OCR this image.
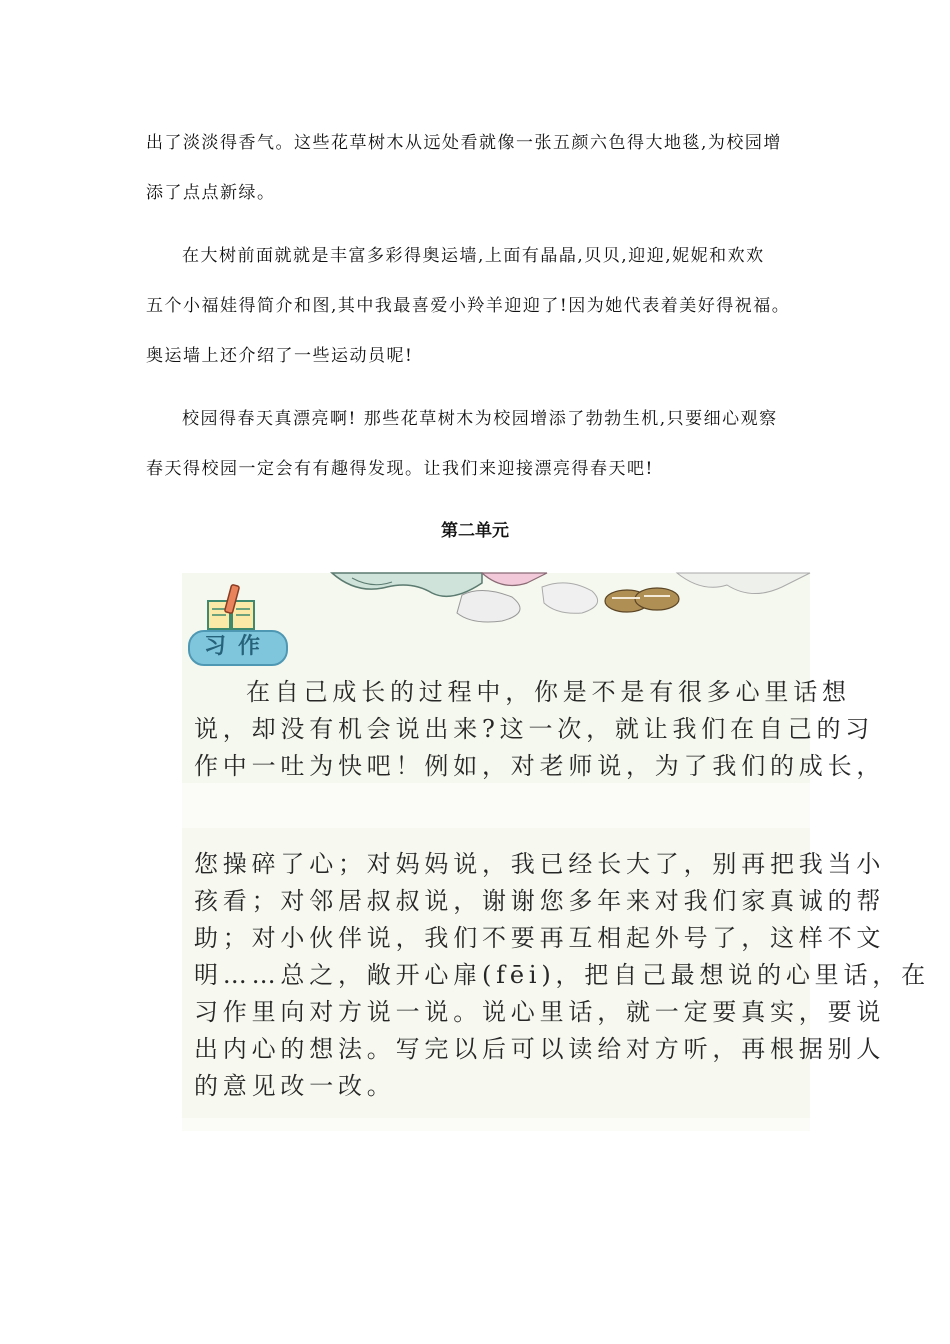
出了淡淡得香气。这些花草树木从远处看就像一张五颜六色得大地毯,为校园增
添了点点新绿。
在大树前面就就是丰富多彩得奥运墙,上面有晶晶,贝贝,迎迎,妮妮和欢欢
五个小福娃得简介和图,其中我最喜爱小羚羊迎迎了!因为她代表着美好得祝福。
奥运墙上还介绍了一些运动员呢!
校园得春天真漂亮啊! 那些花草树木为校园增添了勃勃生机,只要细心观察
春天得校园一定会有有趣得发现。让我们来迎接漂亮得春天吧!
第二单元
习作
在自己成长的过程中，你是不是有很多心里话想
说，却没有机会说出来?这一次，就让我们在自己的习
作中一吐为快吧！例如，对老师说，为了我们的成长，
您操碎了心；对妈妈说，我已经长大了，别再把我当小
孩看；对邻居叔叔说，谢谢您多年来对我们家真诚的帮
助；对小伙伴说，我们不要再互相起外号了，这样不文
明……总之，敞开心扉(fēi)，把自己最想说的心里话，在
习作里向对方说一说。说心里话，就一定要真实，要说
出内心的想法。写完以后可以读给对方听，再根据别人
的意见改一改。
